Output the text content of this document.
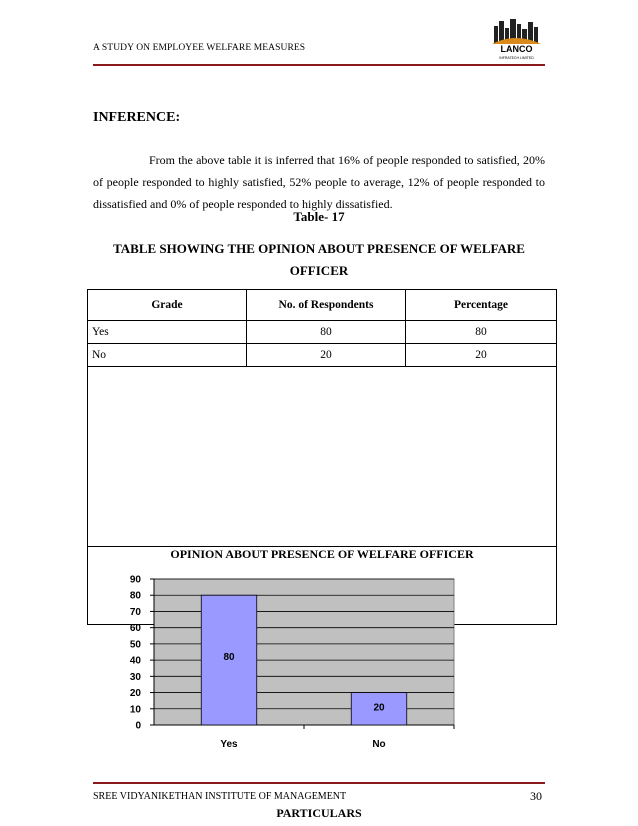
A STUDY ON EMPLOYEE WELFARE MEASURES	LANCO
INFRATECH LIMITED
INFERENCE:

From the above table it is inferred that 16% of people responded to satisfied, 20% of people responded to highly satisfied, 52% people to average, 12% of people responded to dissatisfied and 0% of people responded to highly dissatisfied.

Table- 17
TABLE SHOWING THE OPINION ABOUT PRESENCE OF WELFARE OFFICER
Grade	No. of Respondents	Percentage
Yes	80	80
No	20	20
OPINION ABOUT PRESENCE OF WELFARE OFFICER
0
10
20
30
40
50
60
70
80
90
80
Yes
20
No
SREE VIDYANIKETHAN INSTITUTE OF MANAGEMENT	30
PARTICULARS
